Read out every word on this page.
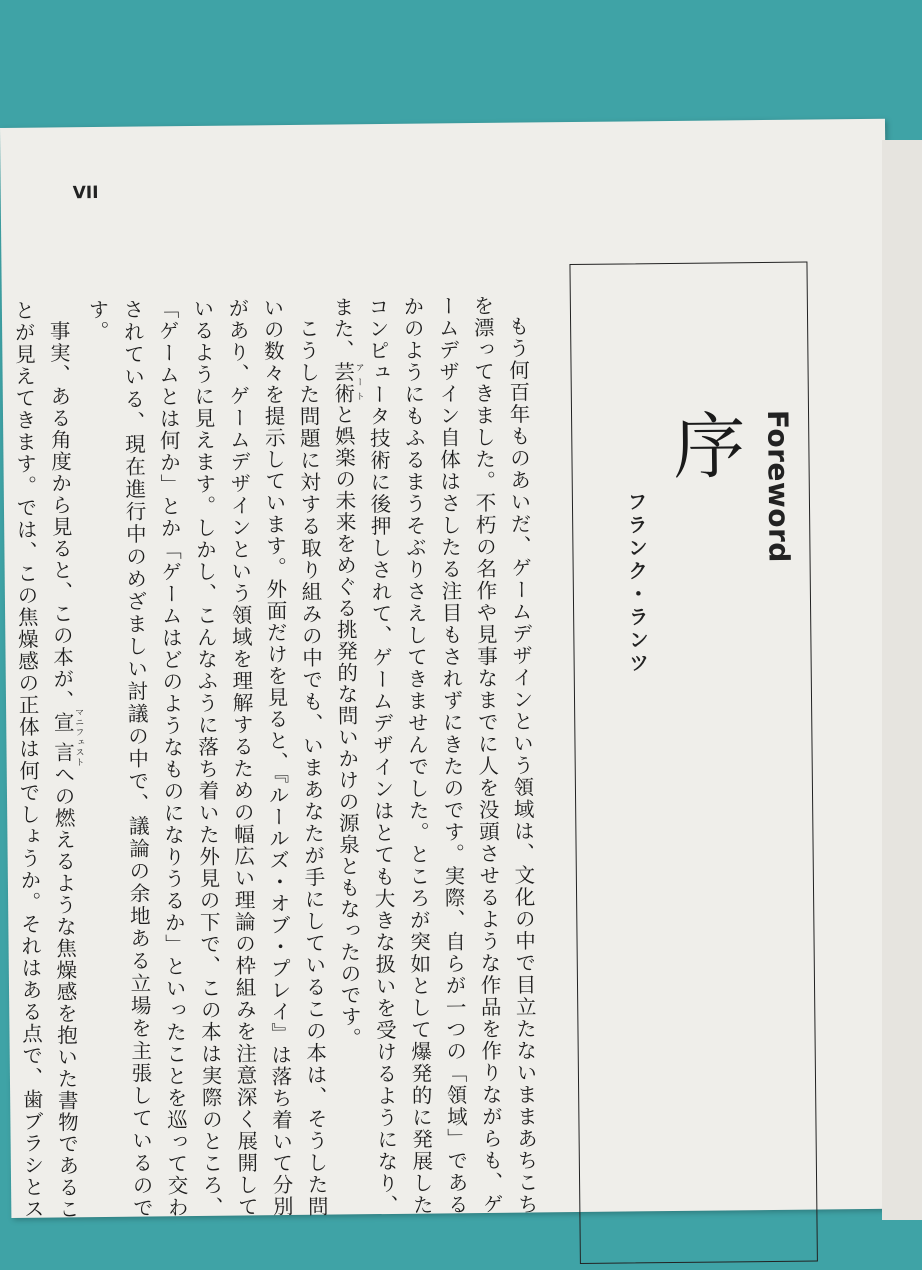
VII
Foreword
序
フランク・ランツ

もう何百年ものあいだ、ゲームデザインという領域は、文化の中で目立たないままあちこちを漂ってきました。不朽の名作や見事なまでに人を没頭させるような作品を作りながらも、ゲームデザイン自体はさしたる注目もされずにきたのです。実際、自らが一つの「領域」であるかのようにもふるまうそぶりさえしてきませんでした。ところが突如として爆発的に発展したコンピュータ技術に後押しされて、ゲームデザインはとても大きな扱いを受けるようになり、また、芸術アートと娯楽の未来をめぐる挑発的な問いかけの源泉ともなったのです。

こうした問題に対する取り組みの中でも、いまあなたが手にしているこの本は、そうした問いの数々を提示しています。外面だけを見ると、『ルールズ・オブ・プレイ』は落ち着いて分別があり、ゲームデザインという領域を理解するための幅広い理論の枠組みを注意深く展開しているように見えます。しかし、こんなふうに落ち着いた外見の下で、この本は実際のところ、「ゲームとは何か」とか「ゲームはどのようなものになりうるか」といったことを巡って交わされている、現在進行中のめざましい討議の中で、議論の余地ある立場を主張しているのです。

事実、ある角度から見ると、この本が、宣言マニフェストへの燃えるような焦燥感を抱いた書物であることが見えてきます。では、この焦燥感の正体は何でしょうか。それはある点で、歯ブラシとステープルガンだけ
